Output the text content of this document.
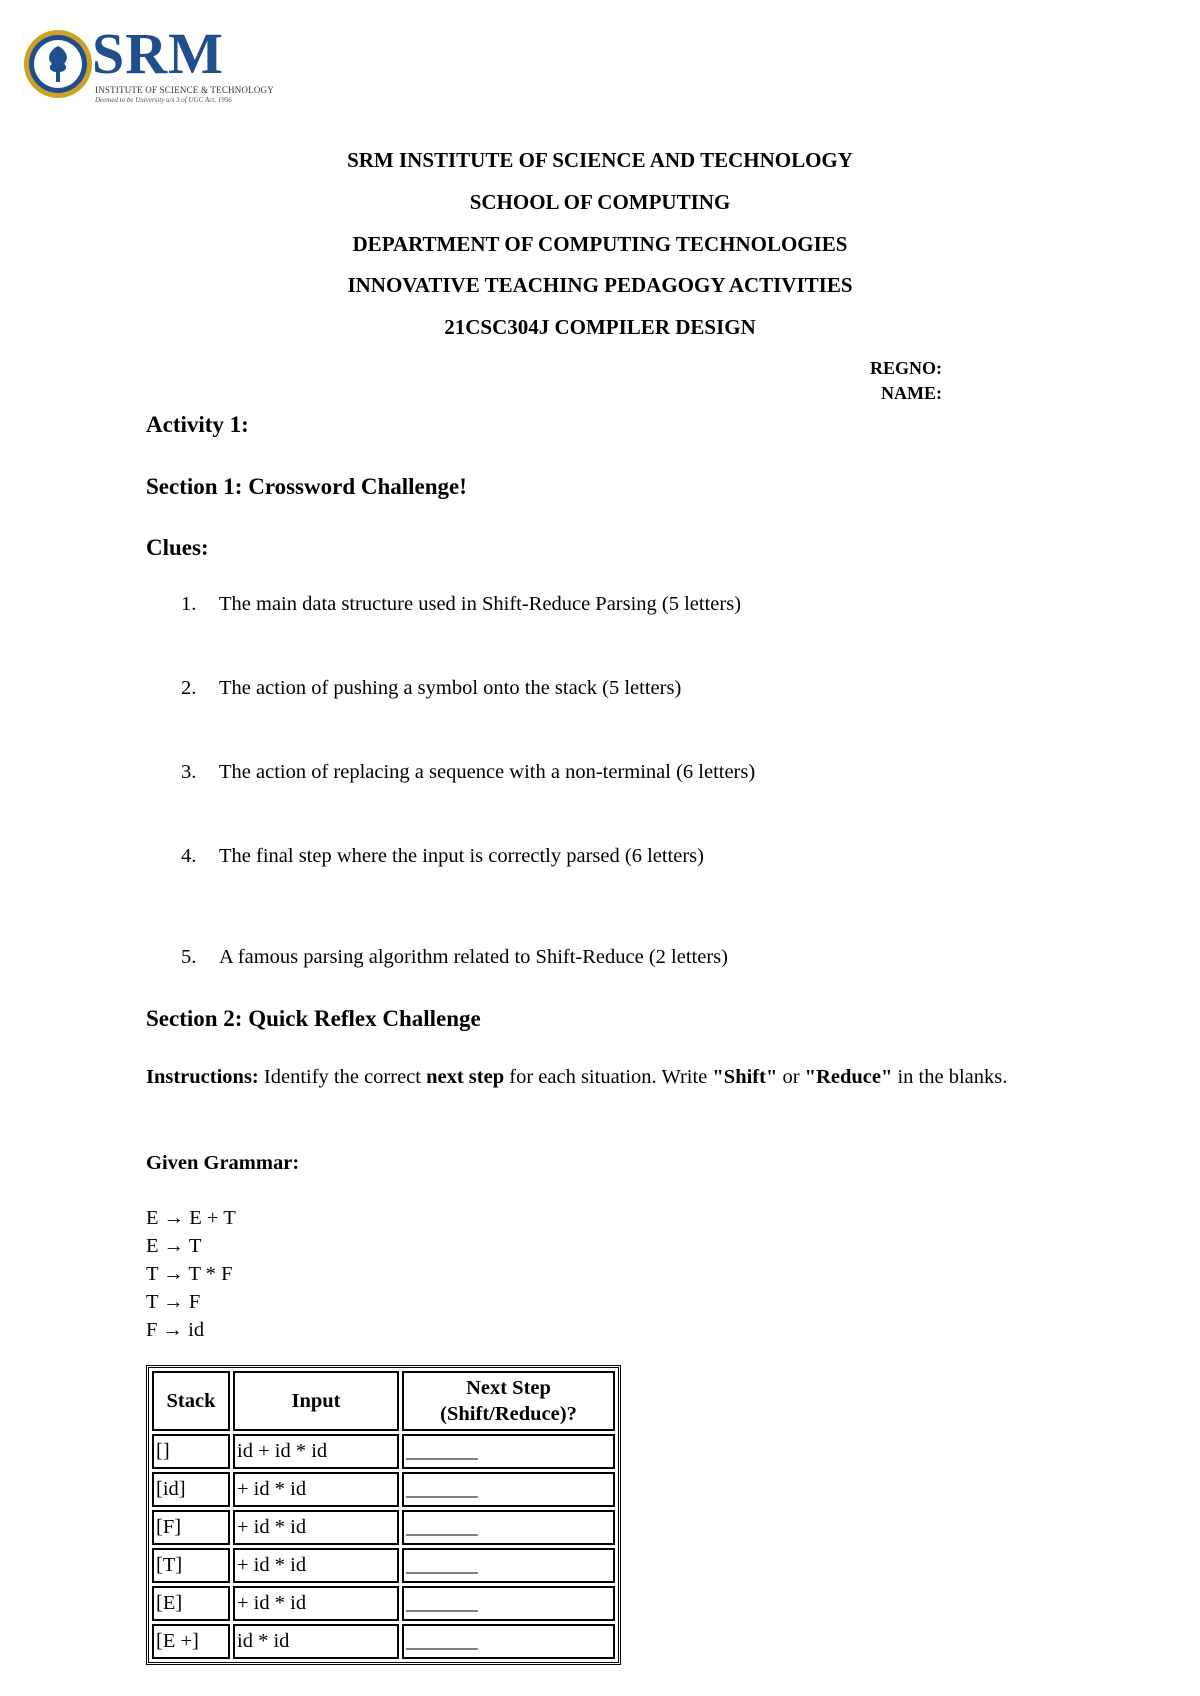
SRM
INSTITUTE OF SCIENCE & TECHNOLOGY
Deemed to be University u/s 3 of UGC Act, 1956
SRM INSTITUTE OF SCIENCE AND TECHNOLOGY
SCHOOL OF COMPUTING
DEPARTMENT OF COMPUTING TECHNOLOGIES
INNOVATIVE TEACHING PEDAGOGY ACTIVITIES
21CSC304J COMPILER DESIGN
REGNO:
NAME:
Activity 1:
Section 1: Crossword Challenge!
Clues:
1. The main data structure used in Shift-Reduce Parsing (5 letters)
2. The action of pushing a symbol onto the stack (5 letters)
3. The action of replacing a sequence with a non-terminal (6 letters)
4. The final step where the input is correctly parsed (6 letters)
5. A famous parsing algorithm related to Shift-Reduce (2 letters)
Section 2: Quick Reflex Challenge
Instructions: Identify the correct next step for each situation. Write "Shift" or "Reduce" in the blanks.
Given Grammar:
E → E + T
E → T
T → T * F
T → F
F → id
Stack	Input	Next Step (Shift/Reduce)?
[]	id + id * id	_______
[id]	+ id * id	_______
[F]	+ id * id	_______
[T]	+ id * id	_______
[E]	+ id * id	_______
[E +]	id * id	_______
